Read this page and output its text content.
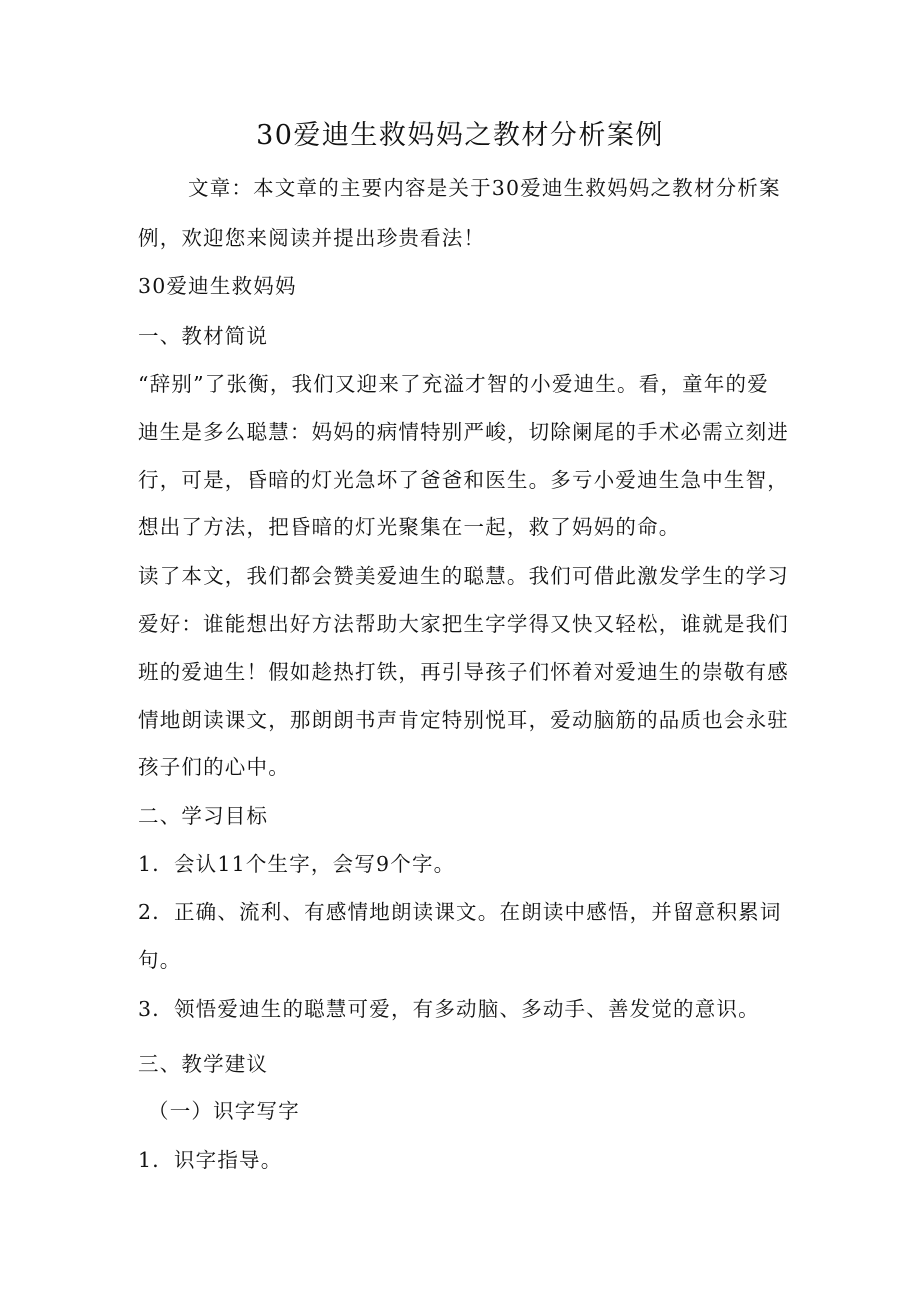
30爱迪生救妈妈之教材分析案例
文章：本文章的主要内容是关于30爱迪生救妈妈之教材分析案
例，欢迎您来阅读并提出珍贵看法！
30爱迪生救妈妈
一、教材简说
“辞别”了张衡，我们又迎来了充溢才智的小爱迪生。看，童年的爱
迪生是多么聪慧：妈妈的病情特别严峻，切除阑尾的手术必需立刻进
行，可是，昏暗的灯光急坏了爸爸和医生。多亏小爱迪生急中生智，
想出了方法，把昏暗的灯光聚集在一起，救了妈妈的命。
读了本文，我们都会赞美爱迪生的聪慧。我们可借此激发学生的学习
爱好：谁能想出好方法帮助大家把生字学得又快又轻松，谁就是我们
班的爱迪生！假如趁热打铁，再引导孩子们怀着对爱迪生的崇敬有感
情地朗读课文，那朗朗书声肯定特别悦耳，爱动脑筋的品质也会永驻
孩子们的心中。
二、学习目标
1．会认11个生字，会写9个字。
2．正确、流利、有感情地朗读课文。在朗读中感悟，并留意积累词
句。
3．领悟爱迪生的聪慧可爱，有多动脑、多动手、善发觉的意识。
三、教学建议
（一）识字写字
1．识字指导。
